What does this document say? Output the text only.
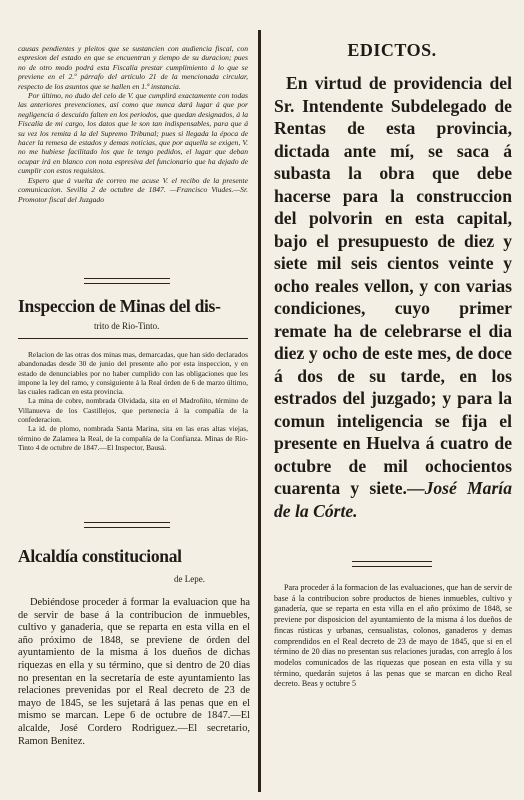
causas pendientes y pleitos que se sustancien con audiencia fiscal, con espresion del estado en que se encuentran y tiempo de su duracion; pues no de otro modo podrá esta Fiscalía prestar cumplimiento á lo que se previene en el 2.º párrafo del artículo 21 de la mencionada circular, respecto de los asuntos que se hallen en 1.ª instancia.

Por último, no dudo del celo de V. que cumplirá exactamente con todas las anteriores prevenciones, así como que nunca dará lugar á que por negligencia ó descuido falten en los periodos, que quedan designados, á la Fiscalía de mi cargo, los datos que le son tan indispensables, para que á su vez los remita á la del Supremo Tribunal; pues si llegada la época de hacer la remesa de estados y demas noticias, que por aquella se exigen, V. no me hubiese facilitado los que le tengo pedidos, el lugar que deban ocupar irá en blanco con nota espresiva del funcionario que ha dejado de cumplir con estos requisitos.

Espero que á vuelta de correo me acuse V. el recibo de la presente comunicacion. Sevilla 2 de octubre de 1847. —Francisco Viudes.—Sr. Promotor fiscal del Juzgado

Inspeccion de Minas del dis-
trito de Rio-Tinto.

Relacion de las otras dos minas mas, demarcadas, que han sido declarados abandonadas desde 30 de junio del presente año por esta inspeccion, y en estado de denunciables por no haber cumplido con las obligaciones que les impone la ley del ramo, y consiguiente á la Real órden de 6 de marzo último, las cuales radican en esta provincia.

La mina de cobre, nombrada Olvidada, sita en el Madroñito, término de Villanueva de los Castillejos, que pertenecia á la compañía de la confederacion.

La id. de plomo, nombrada Santa Marina, sita en las eras altas viejas, término de Zalamea la Real, de la compañía de la Confianza. Minas de Rio-Tinto 4 de octubre de 1847.—El Inspector, Bausá.

Alcaldía constitucional
de Lepe.

Debiéndose proceder á formar la evaluacion que ha de servir de base á la contribucion de inmuebles, cultivo y ganaderia, que se reparta en esta villa en el año próximo de 1848, se previene de órden del ayuntamiento de la misma á los dueños de dichas riquezas en ella y su término, que si dentro de 20 dias no presentan en la secretaría de este ayuntamiento las relaciones prevenidas por el Real decreto de 23 de mayo de 1845, se les sujetará á las penas que en el mismo se marcan. Lepe 6 de octubre de 1847.—El alcalde, José Cordero Rodriguez.—El secretario, Ramon Benitez.

EDICTOS.

En virtud de providencia del Sr. Intendente Subdelegado de Rentas de esta provincia, dictada ante mí, se saca á subasta la obra que debe hacerse para la construccion del polvorin en esta capital, bajo el presupuesto de diez y siete mil seis cientos veinte y ocho reales vellon, y con varias condiciones, cuyo primer remate ha de celebrarse el dia diez y ocho de este mes, de doce á dos de su tarde, en los estrados del juzgado; y para la comun inteligencia se fija el presente en Huelva á cuatro de octubre de mil ochocientos cuarenta y siete.—José María de la Córte.

Para proceder á la formacion de las evaluaciones, que han de servir de base á la contribucion sobre productos de bienes inmuebles, cultivo y ganadería, que se reparta en esta villa en el año próximo de 1848, se previene por disposicion del ayuntamiento de la misma á los dueños de fincas rústicas y urbanas, censualistas, colonos, ganaderos y demas comprendidos en el Real decreto de 23 de mayo de 1845, que si en el término de 20 dias no presentan sus relaciones juradas, con arreglo á los modelos comunicados de las riquezas que posean en esta villa y su término, quedarán sujetos á las penas que se marcan en dicho Real decreto. Beas y octubre 5
